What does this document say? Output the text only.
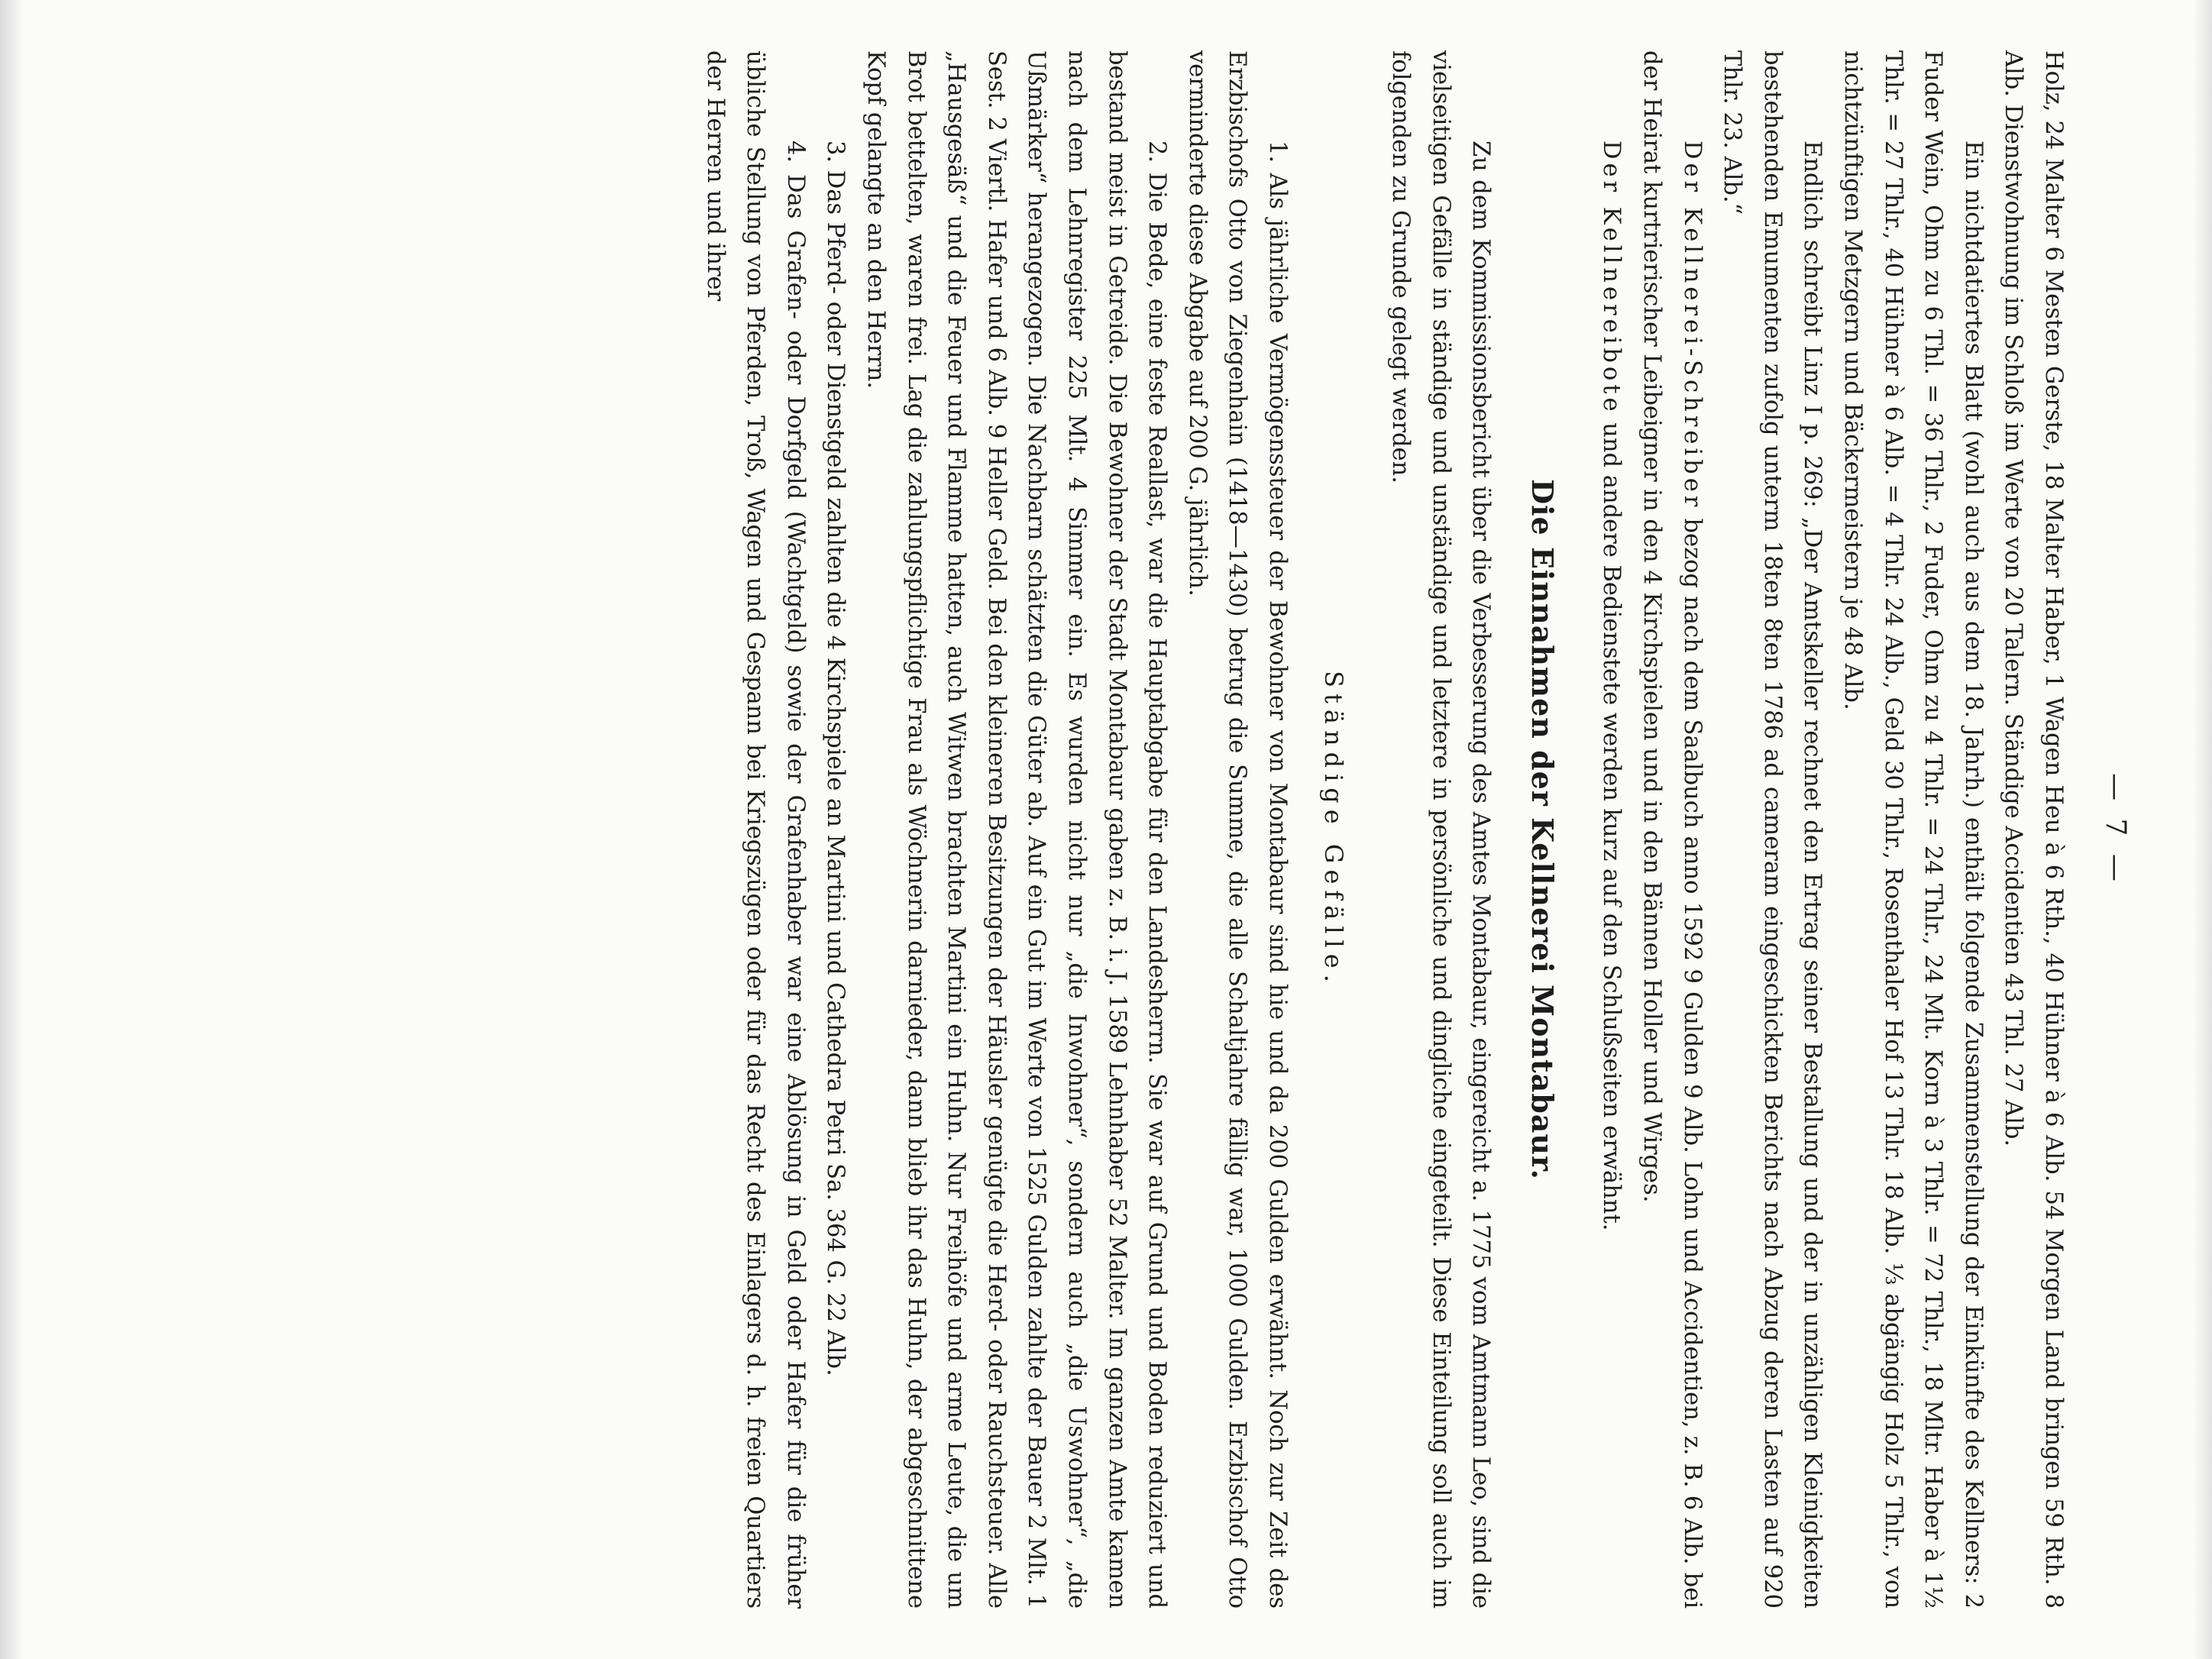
— 7 —

Holz, 24 Malter 6 Mesten Gerste, 18 Malter Haber, 1 Wagen Heu à 6 Rth., 40 Hühner à 6 Alb. 54 Morgen Land bringen 59 Rth. 8 Alb. Dienstwohnung im Schloß im Werte von 20 Talern. Ständige Accidentien 43 Thl. 27 Alb.

Ein nichtdatiertes Blatt (wohl auch aus dem 18. Jahrh.) enthält folgende Zusammenstellung der Einkünfte des Kellners: 2 Fuder Wein, Ohm zu 6 Thl. = 36 Thlr., 2 Fuder, Ohm zu 4 Thlr. = 24 Thlr., 24 Mlt. Korn à 3 Thlr. = 72 Thlr., 18 Mltr. Haber à 1½ Thlr. = 27 Thlr., 40 Hühner à 6 Alb. = 4 Thlr. 24 Alb., Geld 30 Thlr., Rosenthaler Hof 13 Thlr. 18 Alb. ⅓ abgängig Holz 5 Thlr., von nichtzünftigen Metzgern und Bäckermeistern je 48 Alb.

Endlich schreibt Linz I p. 269: „Der Amtskeller rechnet den Ertrag seiner Bestallung und der in unzähligen Kleinigkeiten bestehenden Emumenten zufolg unterm 18ten 8ten 1786 ad cameram eingeschickten Berichts nach Abzug deren Lasten auf 920 Thlr. 23. Alb.“

Der Kellnerei-Schreiber bezog nach dem Saalbuch anno 1592 9 Gulden 9 Alb. Lohn und Accidentien, z. B. 6 Alb. bei der Heirat kurtrierischer Leibeigner in den 4 Kirchspielen und in den Bännen Holler und Wirges.

Der Kellnereibote und andere Bedienstete werden kurz auf den Schlußseiten erwähnt.

Die Einnahmen der Kellnerei Montabaur.

Zu dem Kommissionsbericht über die Verbesserung des Amtes Montabaur, eingereicht a. 1775 vom Amtmann Leo, sind die vielseitigen Gefälle in ständige und unständige und letztere in persönliche und dingliche eingeteilt. Diese Einteilung soll auch im folgenden zu Grunde gelegt werden.

Ständige Gefälle.

1. Als jährliche Vermögenssteuer der Bewohner von Montabaur sind hie und da 200 Gulden erwähnt. Noch zur Zeit des Erzbischofs Otto von Ziegenhain (1418—1430) betrug die Summe, die alle Schaltjahre fällig war, 1000 Gulden. Erzbischof Otto verminderte diese Abgabe auf 200 G. jährlich.

2. Die Bede, eine feste Reallast, war die Hauptabgabe für den Landesherrn. Sie war auf Grund und Boden reduziert und bestand meist in Getreide. Die Bewohner der Stadt Montabaur gaben z. B. i. J. 1589 Lehnhaber 52 Malter. Im ganzen Amte kamen nach dem Lehnregister 225 Mlt. 4 Simmer ein. Es wurden nicht nur „die Inwohner“, sondern auch „die Uswohner“, „die Ußmärker“ herangezogen. Die Nachbarn schätzten die Güter ab. Auf ein Gut im Werte von 1525 Gulden zahlte der Bauer 2 Mlt. 1 Sest. 2 Viertl. Hafer und 6 Alb. 9 Heller Geld. Bei den kleineren Besitzungen der Häusler genügte die Herd- oder Rauchsteuer. Alle „Hausgesäß“ und die Feuer und Flamme hatten, auch Witwen brachten Martini ein Huhn. Nur Freihöfe und arme Leute, die um Brot bettelten, waren frei. Lag die zahlungspflichtige Frau als Wöchnerin darnieder, dann blieb ihr das Huhn, der abgeschnittene Kopf gelangte an den Herrn.

3. Das Pferd- oder Dienstgeld zahlten die 4 Kirchspiele an Martini und Cathedra Petri Sa. 364 G. 22 Alb.

4. Das Grafen- oder Dorfgeld (Wachtgeld) sowie der Grafenhaber war eine Ablösung in Geld oder Hafer für die früher übliche Stellung von Pferden, Troß, Wagen und Gespann bei Kriegszügen oder für das Recht des Einlagers d. h. freien Quartiers der Herren und ihrer
